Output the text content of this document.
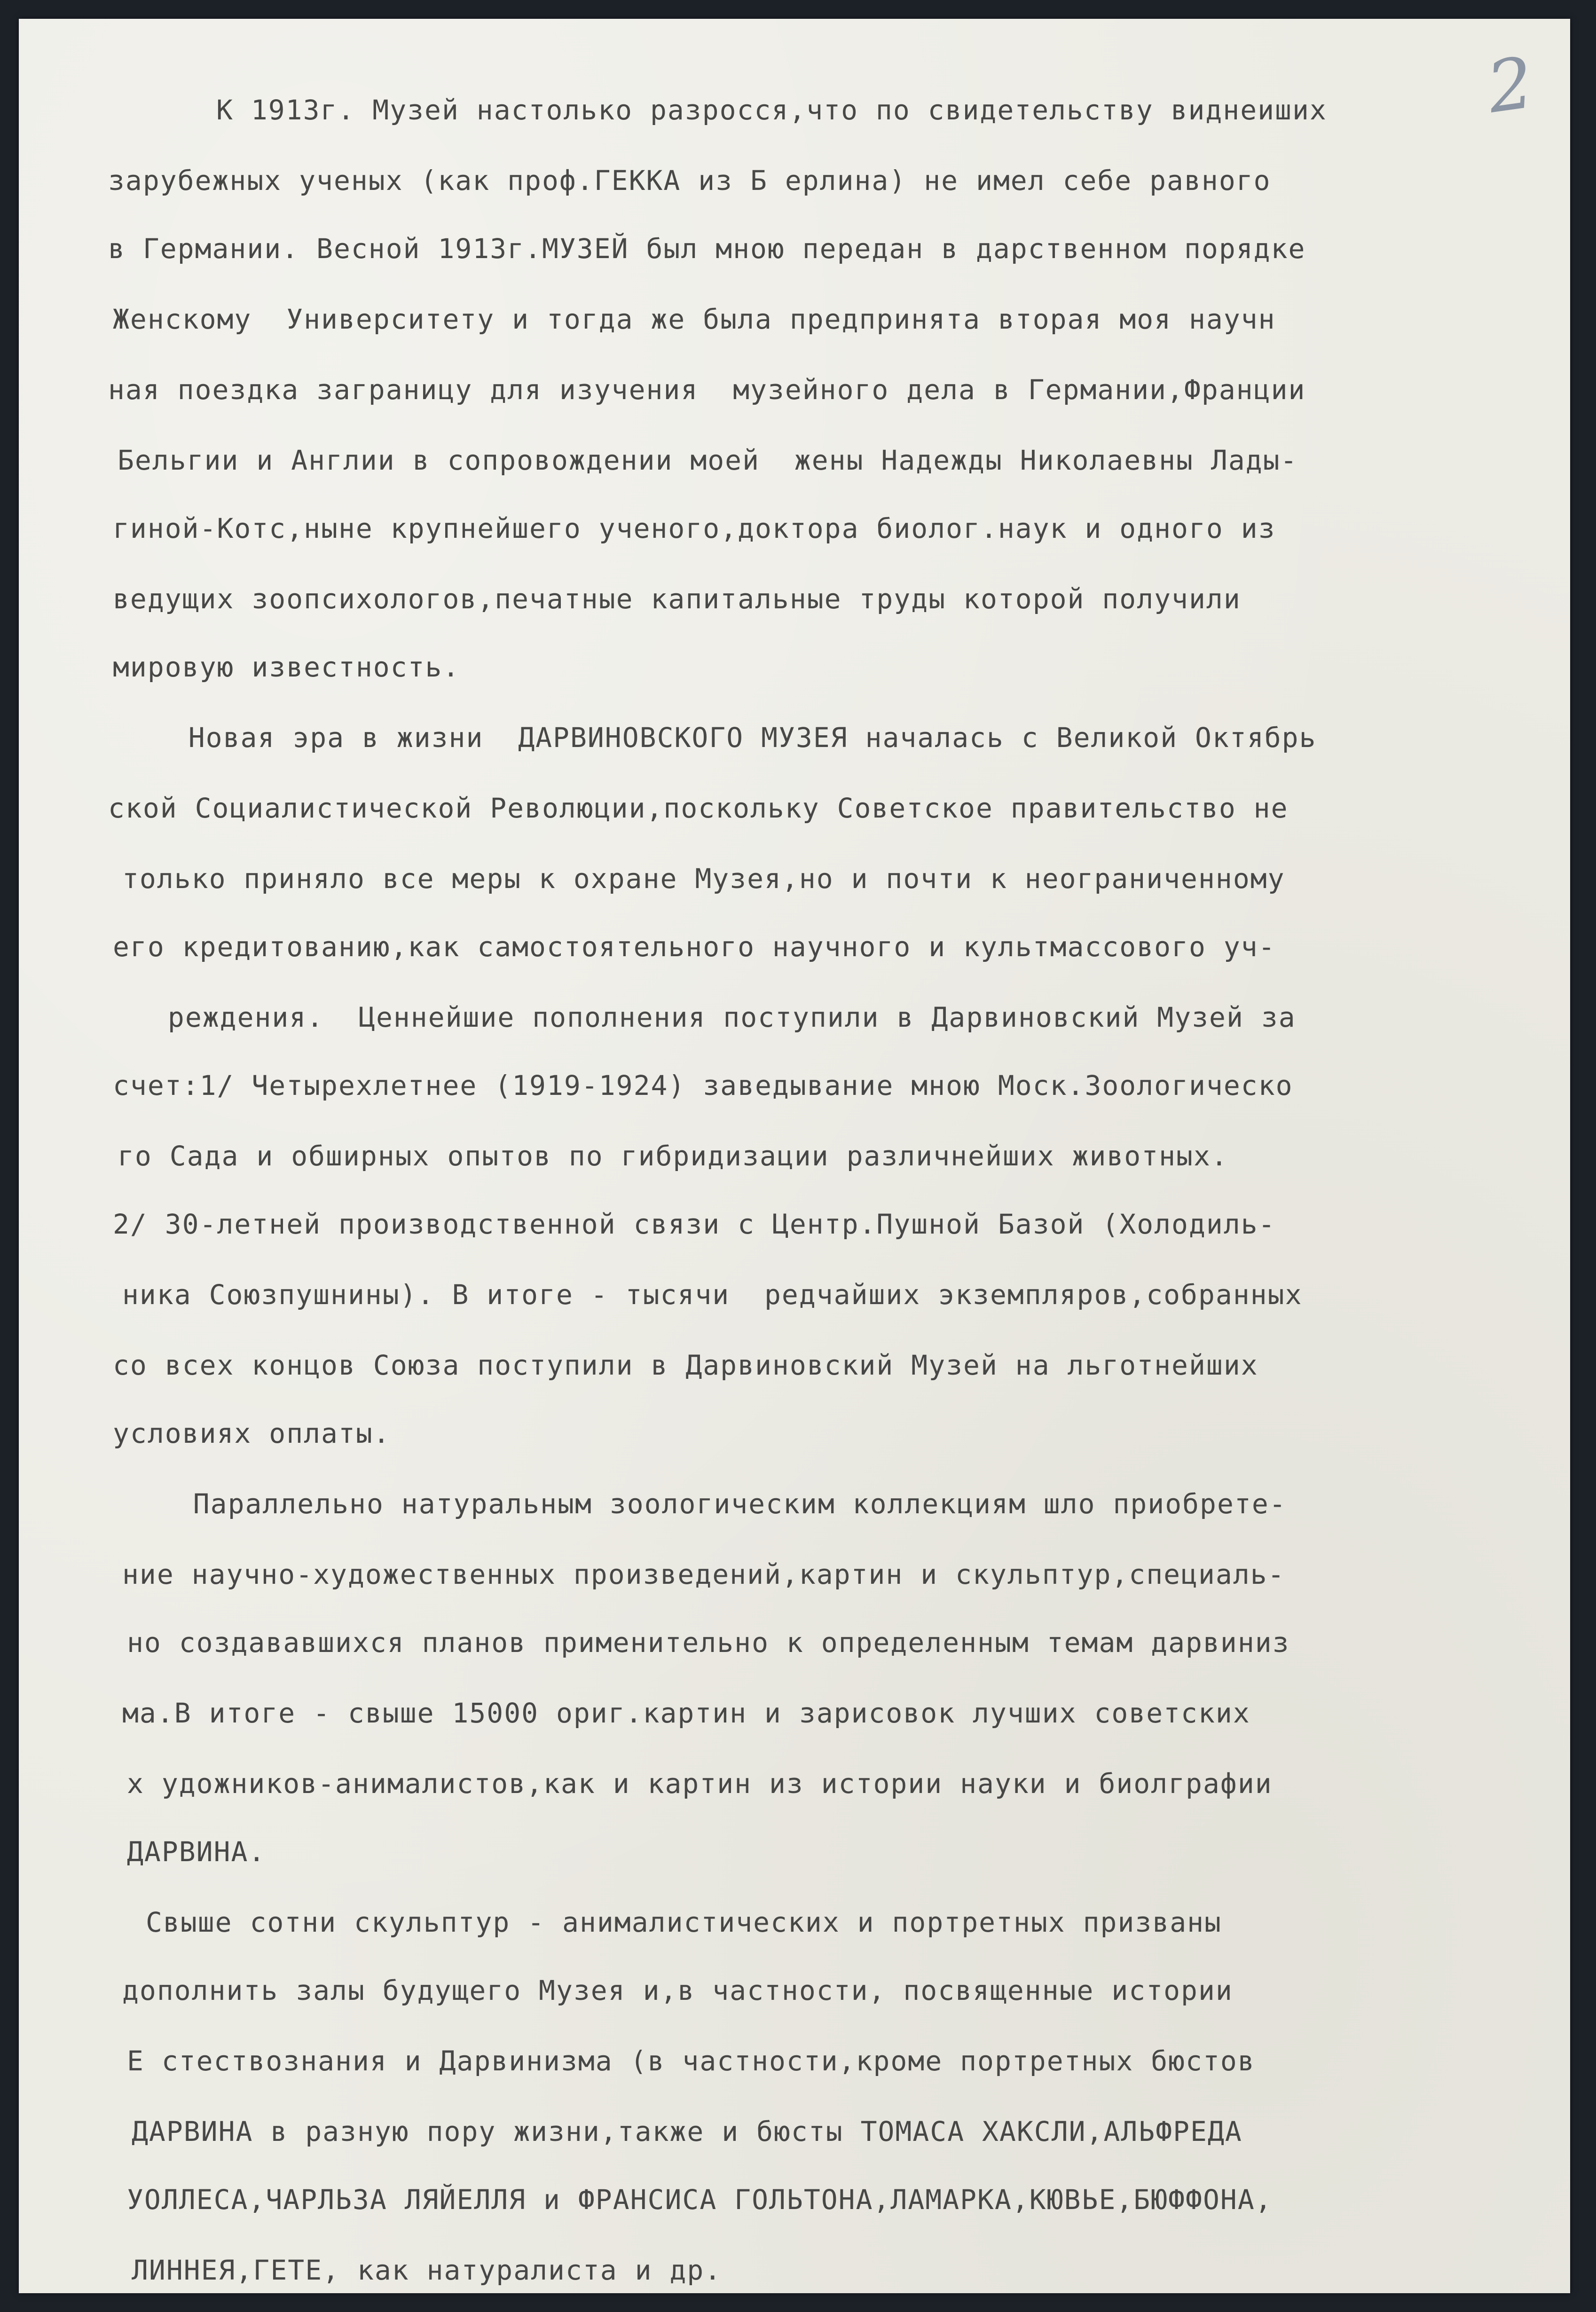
2
К 1913г. Музей настолько разросся,что по свидетельству виднеиших
зарубежных ученых (как проф.ГЕККА из Б ерлина) не имел себе равного
в Германии. Весной 1913г.МУЗЕЙ был мною передан в дарственном порядке
Женскому  Университету и тогда же была предпринята вторая моя научн
ная поездка заграницу для изучения  музейного дела в Германии,Франции
Бельгии и Англии в сопровождении моей  жены Надежды Николаевны Лады-
гиной-Котс,ныне крупнейшего ученого,доктора биолог.наук и одного из
ведущих зоопсихологов,печатные капитальные труды которой получили
мировую известность.
Новая эра в жизни  ДАРВИНОВСКОГО МУЗЕЯ началась с Великой Октябрь
ской Социалистической Революции,поскольку Советское правительство не
только приняло все меры к охране Музея,но и почти к неограниченному
его кредитованию,как самостоятельного научного и культмассового уч-
реждения.  Ценнейшие пополнения поступили в Дарвиновский Музей за
счет:1/ Четырехлетнее (1919-1924) заведывание мною Моск.Зоологическо
го Сада и обширных опытов по гибридизации различнейших животных.
2/ 30-летней производственной связи с Центр.Пушной Базой (Холодиль-
ника Союзпушнины). В итоге - тысячи  редчайших экземпляров,собранных
со всех концов Союза поступили в Дарвиновский Музей на льготнейших
условиях оплаты.
Параллельно натуральным зоологическим коллекциям шло приобрете-
ние научно-художественных произведений,картин и скульптур,специаль-
но создававшихся планов применительно к определенным темам дарвиниз
ма.В итоге - свыше 15000 ориг.картин и зарисовок лучших советских
х удожников-анималистов,как и картин из истории науки и биолграфии
ДАРВИНА.
Свыше сотни скульптур - анималистических и портретных призваны
дополнить залы будущего Музея и,в частности, посвященные истории
Е стествознания и Дарвинизма (в частности,кроме портретных бюстов
ДАРВИНА в разную пору жизни,также и бюсты ТОМАСА ХАКСЛИ,АЛЬФРЕДА
УОЛЛЕСА,ЧАРЛЬЗА ЛЯЙЕЛЛЯ и ФРАНСИСА ГОЛЬТОНА,ЛАМАРКА,КЮВЬЕ,БЮФФОНА,
ЛИННЕЯ,ГЕТЕ, как натуралиста и др.
